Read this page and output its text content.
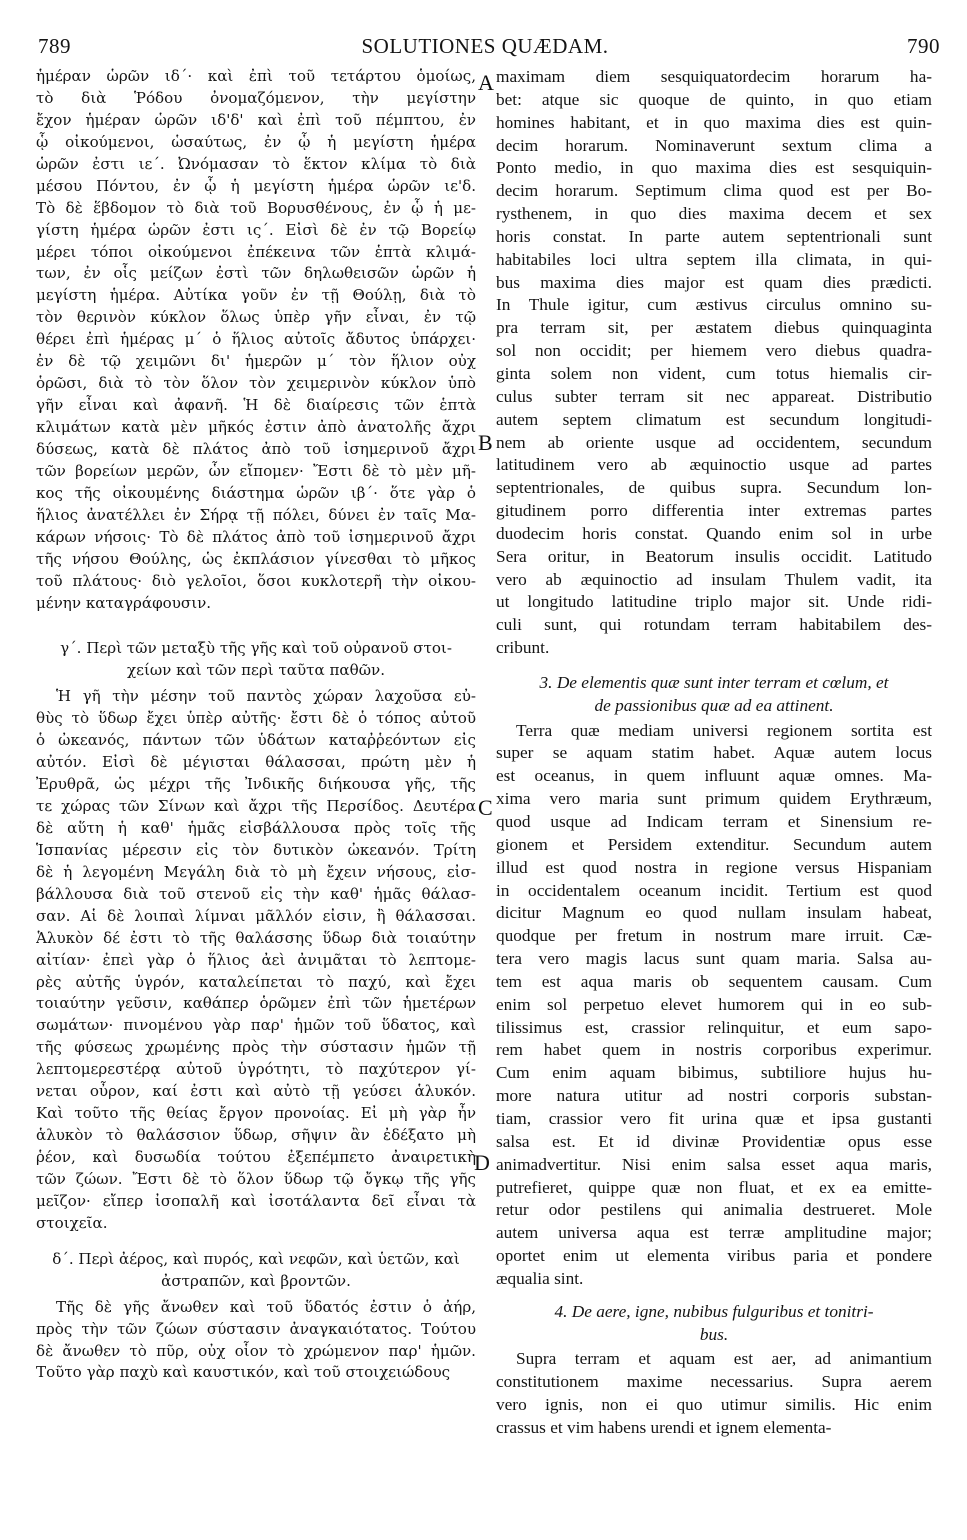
789	SOLUTIONES QUÆDAM.	790
A
B
C
D
ἡμέραν ὡρῶν ιδ΄· καὶ ἐπὶ τοῦ τετάρτου ὁμοίως,
τὸ διὰ Ῥόδου ὀνομαζόμενον, τὴν μεγίστην
ἔχον ἡμέραν ὡρῶν ιδ'δ' καὶ ἐπὶ τοῦ πέμπτου, ἐν
ᾧ οἰκούμενοι, ὡσαύτως, ἐν ᾧ ἡ μεγίστη ἡμέρα
ὡρῶν ἐστι ιε΄. Ὠνόμασαν τὸ ἕκτον κλίμα τὸ διὰ
μέσου Πόντου, ἐν ᾧ ἡ μεγίστη ἡμέρα ὡρῶν ιε'δ.
Τὸ δὲ ἕβδομον τὸ διὰ τοῦ Βορυσθένους, ἐν ᾧ ἡ με-
γίστη ἡμέρα ὡρῶν ἐστι ις΄. Εἰσὶ δὲ ἐν τῷ Βορείῳ
μέρει τόποι οἰκούμενοι ἐπέκεινα τῶν ἑπτὰ κλιμά-
των, ἐν οἷς μείζων ἐστὶ τῶν δηλωθεισῶν ὡρῶν ἡ
μεγίστη ἡμέρα. Αὐτίκα γοῦν ἐν τῇ Θούλῃ, διὰ τὸ
τὸν θερινὸν κύκλον ὅλως ὑπὲρ γῆν εἶναι, ἐν τῷ
θέρει ἐπὶ ἡμέρας μ΄ ὁ ἥλιος αὐτοῖς ἄδυτος ὑπάρχει·
ἐν δὲ τῷ χειμῶνι δι' ἡμερῶν μ΄ τὸν ἥλιον οὐχ
ὁρῶσι, διὰ τὸ τὸν ὅλον τὸν χειμερινὸν κύκλον ὑπὸ
γῆν εἶναι καὶ ἀφανῆ. Ἡ δὲ διαίρεσις τῶν ἑπτὰ
κλιμάτων κατὰ μὲν μῆκός ἐστιν ἀπὸ ἀνατολῆς ἄχρι
δύσεως, κατὰ δὲ πλάτος ἀπὸ τοῦ ἰσημερινοῦ ἄχρι
τῶν βορείων μερῶν, ὧν εἴπομεν· Ἔστι δὲ τὸ μὲν μῆ-
κος τῆς οἰκουμένης διάστημα ὡρῶν ιβ΄· ὅτε γὰρ ὁ
ἥλιος ἀνατέλλει ἐν Σήρᾳ τῇ πόλει, δύνει ἐν ταῖς Μα-
κάρων νήσοις· Τὸ δὲ πλάτος ἀπὸ τοῦ ἰσημερινοῦ ἄχρι
τῆς νήσου Θούλης, ὡς ἐκπλάσιον γίνεσθαι τὸ μῆκος
τοῦ πλάτους· διὸ γελοῖοι, ὅσοι κυκλοτερῆ τὴν οἰκου-
μένην καταγράφουσιν.
γ΄. Περὶ τῶν μεταξὺ τῆς γῆς καὶ τοῦ οὐρανοῦ στοι-
χείων καὶ τῶν περὶ ταῦτα παθῶν.
Ἡ γῆ τὴν μέσην τοῦ παντὸς χώραν λαχοῦσα εὐ-
θὺς τὸ ὕδωρ ἔχει ὑπὲρ αὐτῆς· ἔστι δὲ ὁ τόπος αὐτοῦ
ὁ ὠκεανός, πάντων τῶν ὑδάτων καταῤῥεόντων εἰς
αὐτόν. Εἰσὶ δὲ μέγισται θάλασσαι, πρώτη μὲν ἡ
Ἐρυθρᾶ, ὡς μέχρι τῆς Ἰνδικῆς διήκουσα γῆς, τῆς
τε χώρας τῶν Σίνων καὶ ἄχρι τῆς Περσίδος. Δευτέρα
δὲ αὕτη ἡ καθ' ἡμᾶς εἰσβάλλουσα πρὸς τοῖς τῆς
Ἱσπανίας μέρεσιν εἰς τὸν δυτικὸν ὠκεανόν. Τρίτη
δὲ ἡ λεγομένη Μεγάλη διὰ τὸ μὴ ἔχειν νήσους, εἰσ-
βάλλουσα διὰ τοῦ στενοῦ εἰς τὴν καθ' ἡμᾶς θάλασ-
σαν. Αἱ δὲ λοιπαὶ λίμναι μᾶλλόν εἰσιν, ἢ θάλασσαι.
Ἁλυκὸν δέ ἐστι τὸ τῆς θαλάσσης ὕδωρ διὰ τοιαύτην
αἰτίαν· ἐπεὶ γὰρ ὁ ἥλιος ἀεὶ ἀνιμᾶται τὸ λεπτομε-
ρὲς αὐτῆς ὑγρόν, καταλείπεται τὸ παχύ, καὶ ἔχει
τοιαύτην γεῦσιν, καθάπερ ὁρῶμεν ἐπὶ τῶν ἡμετέρων
σωμάτων· πινομένου γὰρ παρ' ἡμῶν τοῦ ὕδατος, καὶ
τῆς φύσεως χρωμένης πρὸς τὴν σύστασιν ἡμῶν τῇ
λεπτομερεστέρᾳ αὐτοῦ ὑγρότητι, τὸ παχύτερον γί-
νεται οὖρον, καί ἐστι καὶ αὐτὸ τῇ γεύσει ἁλυκόν.
Καὶ τοῦτο τῆς θείας ἔργον προνοίας. Εἰ μὴ γὰρ ἦν
ἁλυκὸν τὸ θαλάσσιον ὕδωρ, σῆψιν ἂν ἐδέξατο μὴ
ῥέον, καὶ δυσωδία τούτου ἐξεπέμπετο ἀναιρετικὴ
τῶν ζώων. Ἔστι δὲ τὸ ὅλον ὕδωρ τῷ ὄγκῳ τῆς γῆς
μεῖζον· εἴπερ ἰσοπαλῆ καὶ ἰσοτάλαντα δεῖ εἶναι τὰ
στοιχεῖα.
δ΄. Περὶ ἀέρος, καὶ πυρός, καὶ νεφῶν, καὶ ὑετῶν, καὶ
ἀστραπῶν, καὶ βροντῶν.
Τῆς δὲ γῆς ἄνωθεν καὶ τοῦ ὕδατός ἐστιν ὁ ἀήρ,
πρὸς τὴν τῶν ζώων σύστασιν ἀναγκαιότατος. Τούτου
δὲ ἄνωθεν τὸ πῦρ, οὐχ οἷον τὸ χρώμενον παρ' ἡμῶν.
Τοῦτο γὰρ παχὺ καὶ καυστικόν, καὶ τοῦ στοιχειώδους
maximam diem sesquiquatordecim horarum ha-
bet: atque sic quoque de quinto, in quo etiam
homines habitant, et in quo maxima dies est quin-
decim horarum. Nominaverunt sextum clima a
Ponto medio, in quo maxima dies est sesquiquin-
decim horarum. Septimum clima quod est per Bo-
rysthenem, in quo dies maxima decem et sex
horis constat. In parte autem septentrionali sunt
habitabiles loci ultra septem illa climata, in qui-
bus maxima dies major est quam dies prædicti.
In Thule igitur, cum æstivus circulus omnino su-
pra terram sit, per æstatem diebus quinquaginta
sol non occidit; per hiemem vero diebus quadra-
ginta solem non vident, cum totus hiemalis cir-
culus subter terram sit nec appareat. Distributio
autem septem climatum est secundum longitudi-
nem ab oriente usque ad occidentem, secundum
latitudinem vero ab æquinoctio usque ad partes
septentrionales, de quibus supra. Secundum lon-
gitudinem porro differentia inter extremas partes
duodecim horis constat. Quando enim sol in urbe
Sera oritur, in Beatorum insulis occidit. Latitudo
vero ab æquinoctio ad insulam Thulem vadit, ita
ut longitudo latitudine triplo major sit. Unde ridi-
culi sunt, qui rotundam terram habitabilem des-
cribunt.
3. De elementis quæ sunt inter terram et cœlum, et
de passionibus quæ ad ea attinent.
Terra quæ mediam universi regionem sortita est
super se aquam statim habet. Aquæ autem locus
est oceanus, in quem influunt aquæ omnes. Ma-
xima vero maria sunt primum quidem Erythræum,
quod usque ad Indicam terram et Sinensium re-
gionem et Persidem extenditur. Secundum autem
illud est quod nostra in regione versus Hispaniam
in occidentalem oceanum incidit. Tertium est quod
dicitur Magnum eo quod nullam insulam habeat,
quodque per fretum in nostrum mare irruit. Cæ-
tera vero magis lacus sunt quam maria. Salsa au-
tem est aqua maris ob sequentem causam. Cum
enim sol perpetuo elevet humorem qui in eo sub-
tilissimus est, crassior relinquitur, et eum sapo-
rem habet quem in nostris corporibus experimur.
Cum enim aquam bibimus, subtiliore hujus hu-
more natura utitur ad nostri corporis substan-
tiam, crassior vero fit urina quæ et ipsa gustanti
salsa est. Et id divinæ Providentiæ opus esse
animadvertitur. Nisi enim salsa esset aqua maris,
putrefieret, quippe quæ non fluat, et ex ea emitte-
retur odor pestilens qui animalia destrueret. Mole
autem universa aqua est terræ amplitudine major;
oportet enim ut elementa viribus paria et pondere
æqualia sint.
4. De aere, igne, nubibus fulguribus et tonitri-
bus.
Supra terram et aquam est aer, ad animantium
constitutionem maxime necessarius. Supra aerem
vero ignis, non ei quo utimur similis. Hic enim
crassus et vim habens urendi et ignem elementa-
